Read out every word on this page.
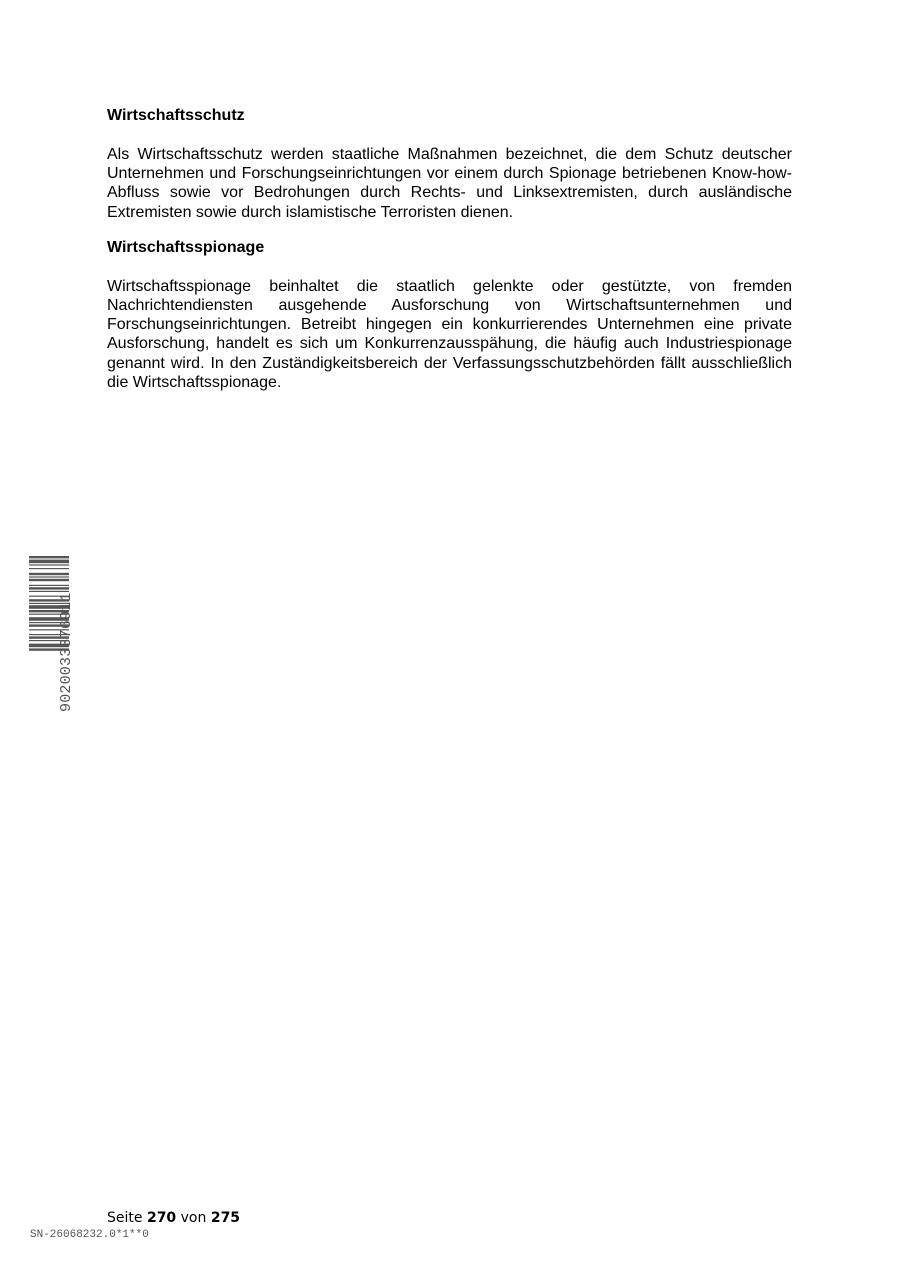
Wirtschaftsschutz

Als Wirtschaftsschutz werden staatliche Maßnahmen bezeichnet, die dem Schutz deutscher Unternehmen und Forschungseinrichtungen vor einem durch Spionage betriebenen Know-how-Abfluss sowie vor Bedrohungen durch Rechts- und Linksextremisten, durch ausländische Extremisten sowie durch islamistische Terroristen dienen.

Wirtschaftsspionage

Wirtschaftsspionage beinhaltet die staatlich gelenkte oder gestützte, von fremden Nachrichtendiensten ausgehende Ausforschung von Wirtschaftsunternehmen und Forschungseinrichtungen. Betreibt hingegen ein konkurrierendes Unternehmen eine private Ausforschung, handelt es sich um Konkurrenzausspähung, die häufig auch Industriespionage genannt wird. In den Zuständigkeitsbereich der Verfassungsschutzbehörden fällt ausschließlich die Wirtschaftsspionage.

9020033376911
Seite 270 von 275
SN-26068232.0*1**0
